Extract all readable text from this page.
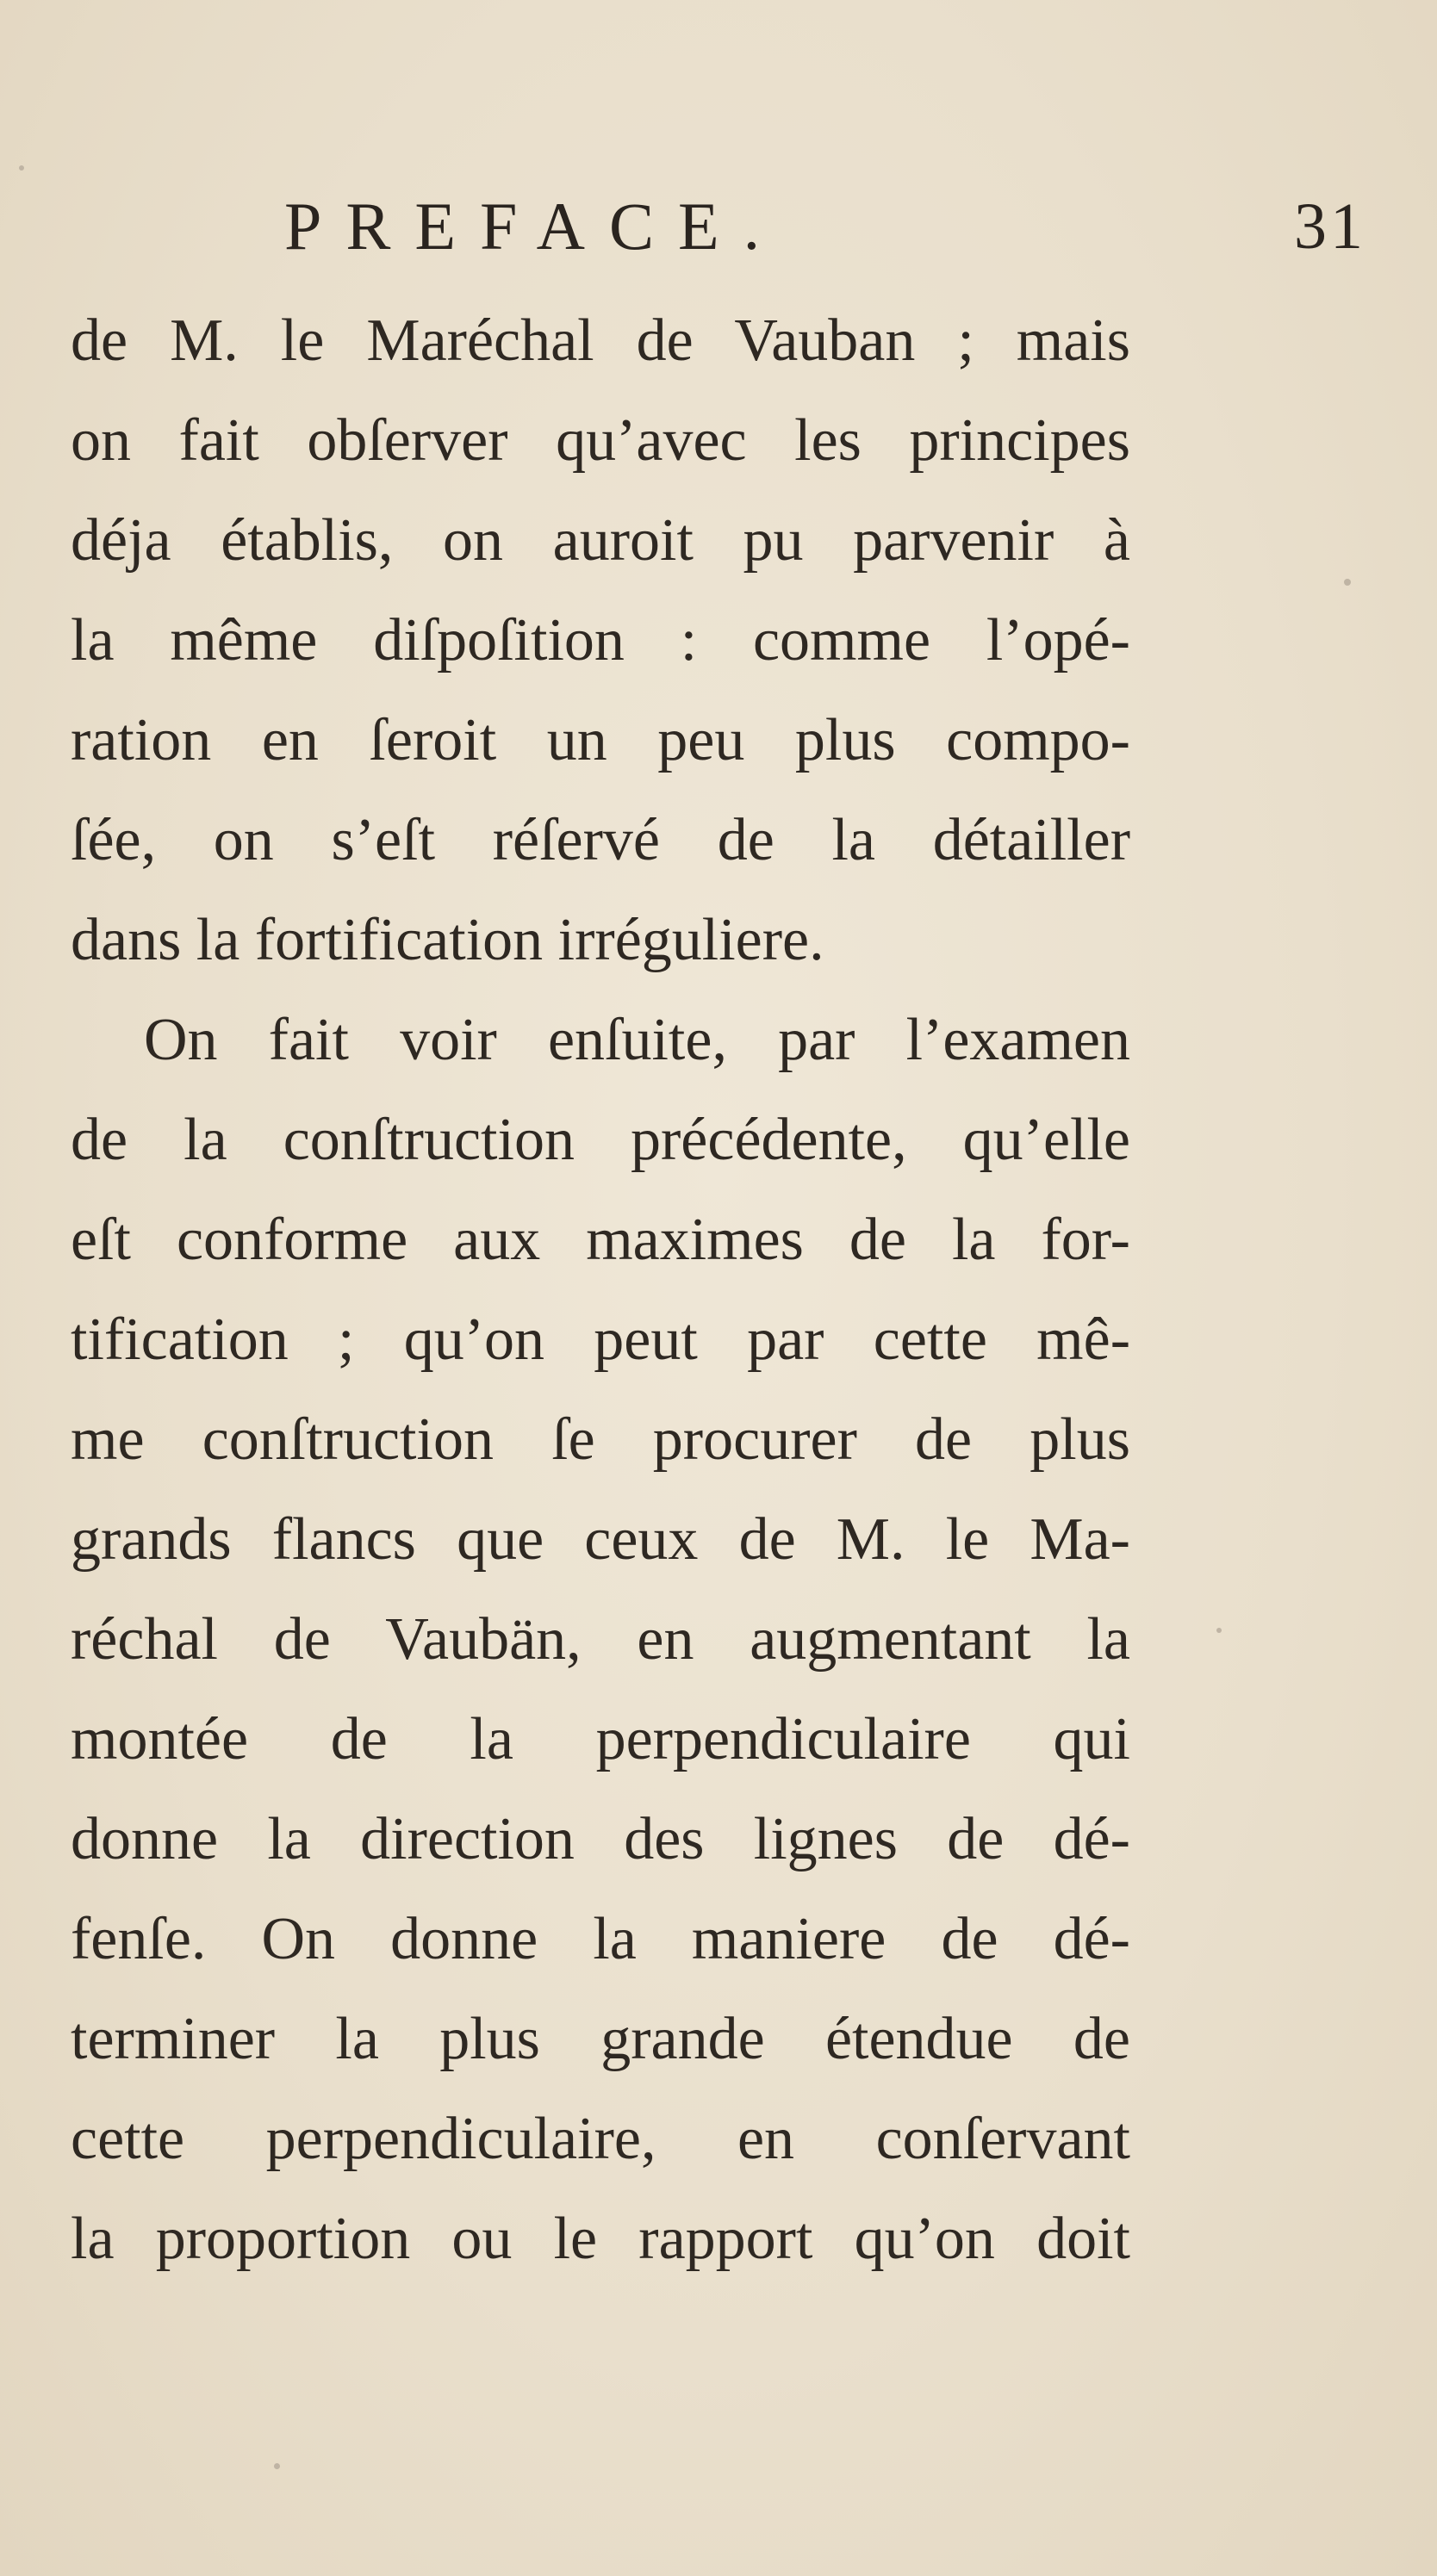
PREFACE.	31
de M. le Maréchal de Vauban ; mais
on fait obſerver qu’avec les principes
déja établis, on auroit pu parvenir à
la même diſpoſition : comme l’opé-
ration en ſeroit un peu plus compo-
ſée, on s’eſt réſervé de la détailler
dans la fortification irréguliere.
On fait voir enſuite, par l’examen
de la conſtruction précédente, qu’elle
eſt conforme aux maximes de la for-
tification ; qu’on peut par cette mê-
me conſtruction ſe procurer de plus
grands flancs que ceux de M. le Ma-
réchal de Vaubän, en augmentant la
montée de la perpendiculaire qui
donne la direction des lignes de dé-
fenſe. On donne la maniere de dé-
terminer la plus grande étendue de
cette perpendiculaire, en conſervant
la proportion ou le rapport qu’on doit
